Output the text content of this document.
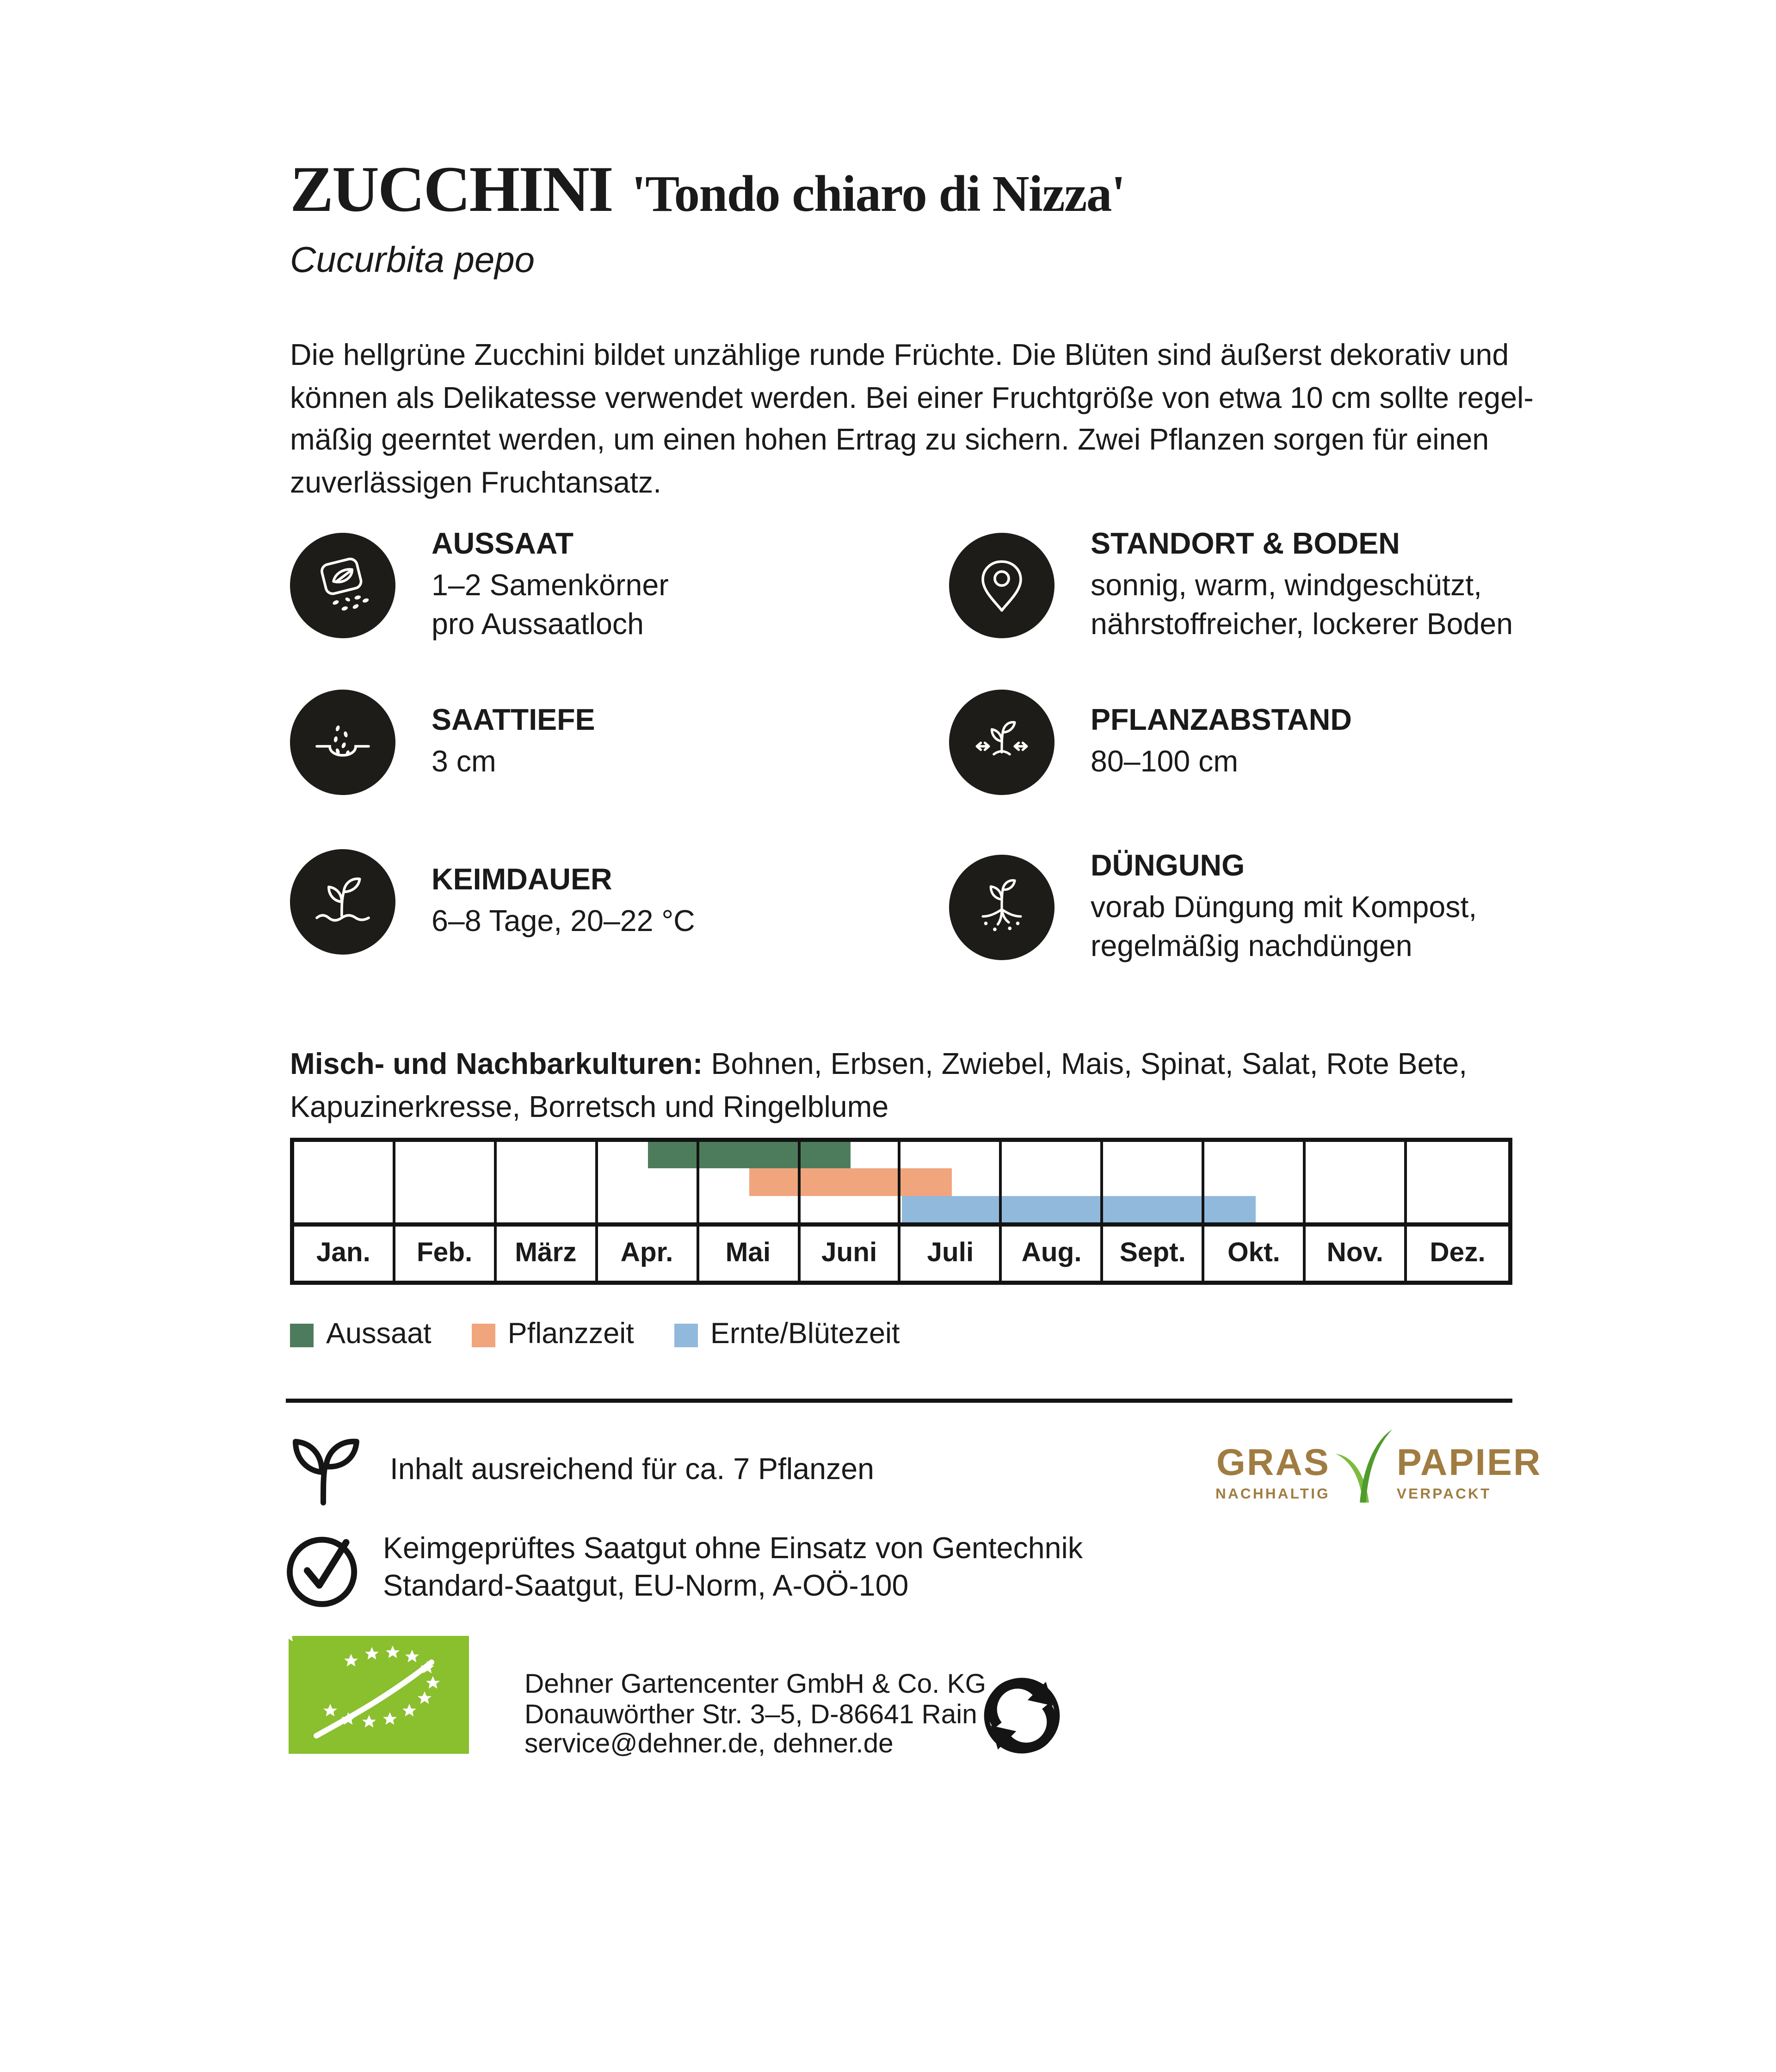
ZUCCHINI 'Tondo chiaro di Nizza'
Cucurbita pepo
Die hellgrüne Zucchini bildet unzählige runde Früchte. Die Blüten sind äußerst dekorativ und
können als Delikatesse verwendet werden. Bei einer Fruchtgröße von etwa 10 cm sollte regel-
mäßig geerntet werden, um einen hohen Ertrag zu sichern. Zwei Pflanzen sorgen für einen
zuverlässigen Fruchtansatz.
AUSSAAT

1–2 Samenkörner

pro Aussaatloch

SAATTIEFE

3 cm

KEIMDAUER

6–8 Tage, 20–22 °C

STANDORT & BODEN

sonnig, warm, windgeschützt,

nährstoffreicher, lockerer Boden

PFLANZABSTAND

80–100 cm

DÜNGUNG

vorab Düngung mit Kompost,

regelmäßig nachdüngen

Misch- und Nachbarkulturen: Bohnen, Erbsen, Zwiebel, Mais, Spinat, Salat, Rote Bete,
Kapuzinerkresse, Borretsch und Ringelblume
Jan.	Feb.	März	Apr.	Mai	Juni	Juli	Aug.	Sept.	Okt.	Nov.	Dez.
Aussaat	Pflanzzeit	Ernte/Blütezeit
Inhalt ausreichend für ca. 7 Pflanzen	GRAS
NACHHALTIG
PAPIER
VERPACKT
Keimgeprüftes Saatgut ohne Einsatz von Gentechnik
Standard-Saatgut, EU-Norm, A-OÖ-100
Dehner Gartencenter GmbH & Co. KG
Donauwörther Str. 3–5, D-86641 Rain
service@dehner.de, dehner.de
